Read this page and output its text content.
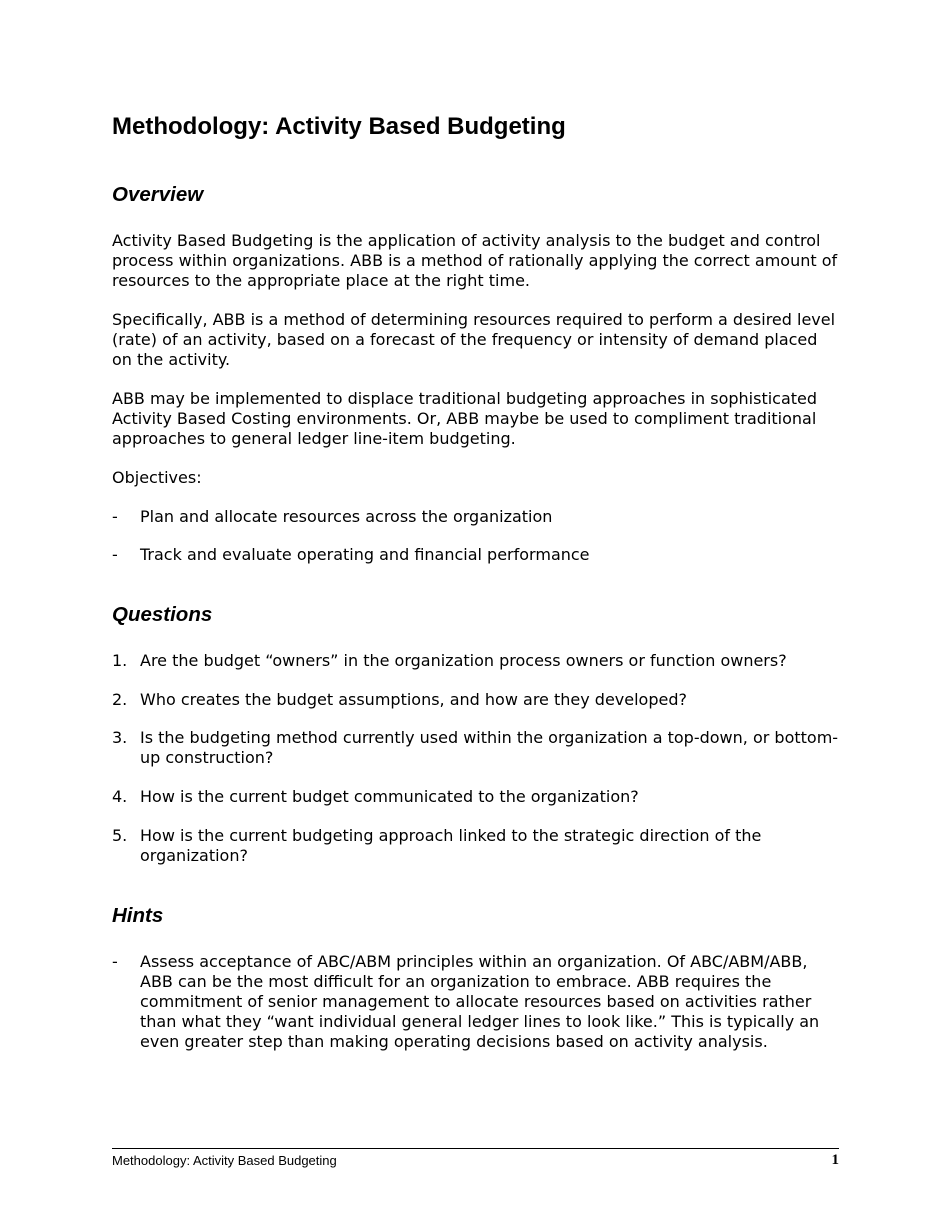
Methodology: Activity Based Budgeting
Overview

Activity Based Budgeting is the application of activity analysis to the budget and control process within organizations. ABB is a method of rationally applying the correct amount of resources to the appropriate place at the right time.

Specifically, ABB is a method of determining resources required to perform a desired level (rate) of an activity, based on a forecast of the frequency or intensity of demand placed on the activity.

ABB may be implemented to displace traditional budgeting approaches in sophisticated Activity Based Costing environments. Or, ABB maybe be used to compliment traditional approaches to general ledger line-item budgeting.

Objectives:

-	Plan and allocate resources across the organization
-	Track and evaluate operating and financial performance
Questions
1. Are the budget “owners” in the organization process owners or function owners?
2. Who creates the budget assumptions, and how are they developed?
3. Is the budgeting method currently used within the organization a top-down, or bottom-up construction?
4. How is the current budget communicated to the organization?
5. How is the current budgeting approach linked to the strategic direction of the organization?
Hints
-	Assess acceptance of ABC/ABM principles within an organization. Of ABC/ABM/ABB, ABB can be the most difficult for an organization to embrace. ABB requires the commitment of senior management to allocate resources based on activities rather than what they “want individual general ledger lines to look like.” This is typically an even greater step than making operating decisions based on activity analysis.
Methodology: Activity Based Budgeting	1
